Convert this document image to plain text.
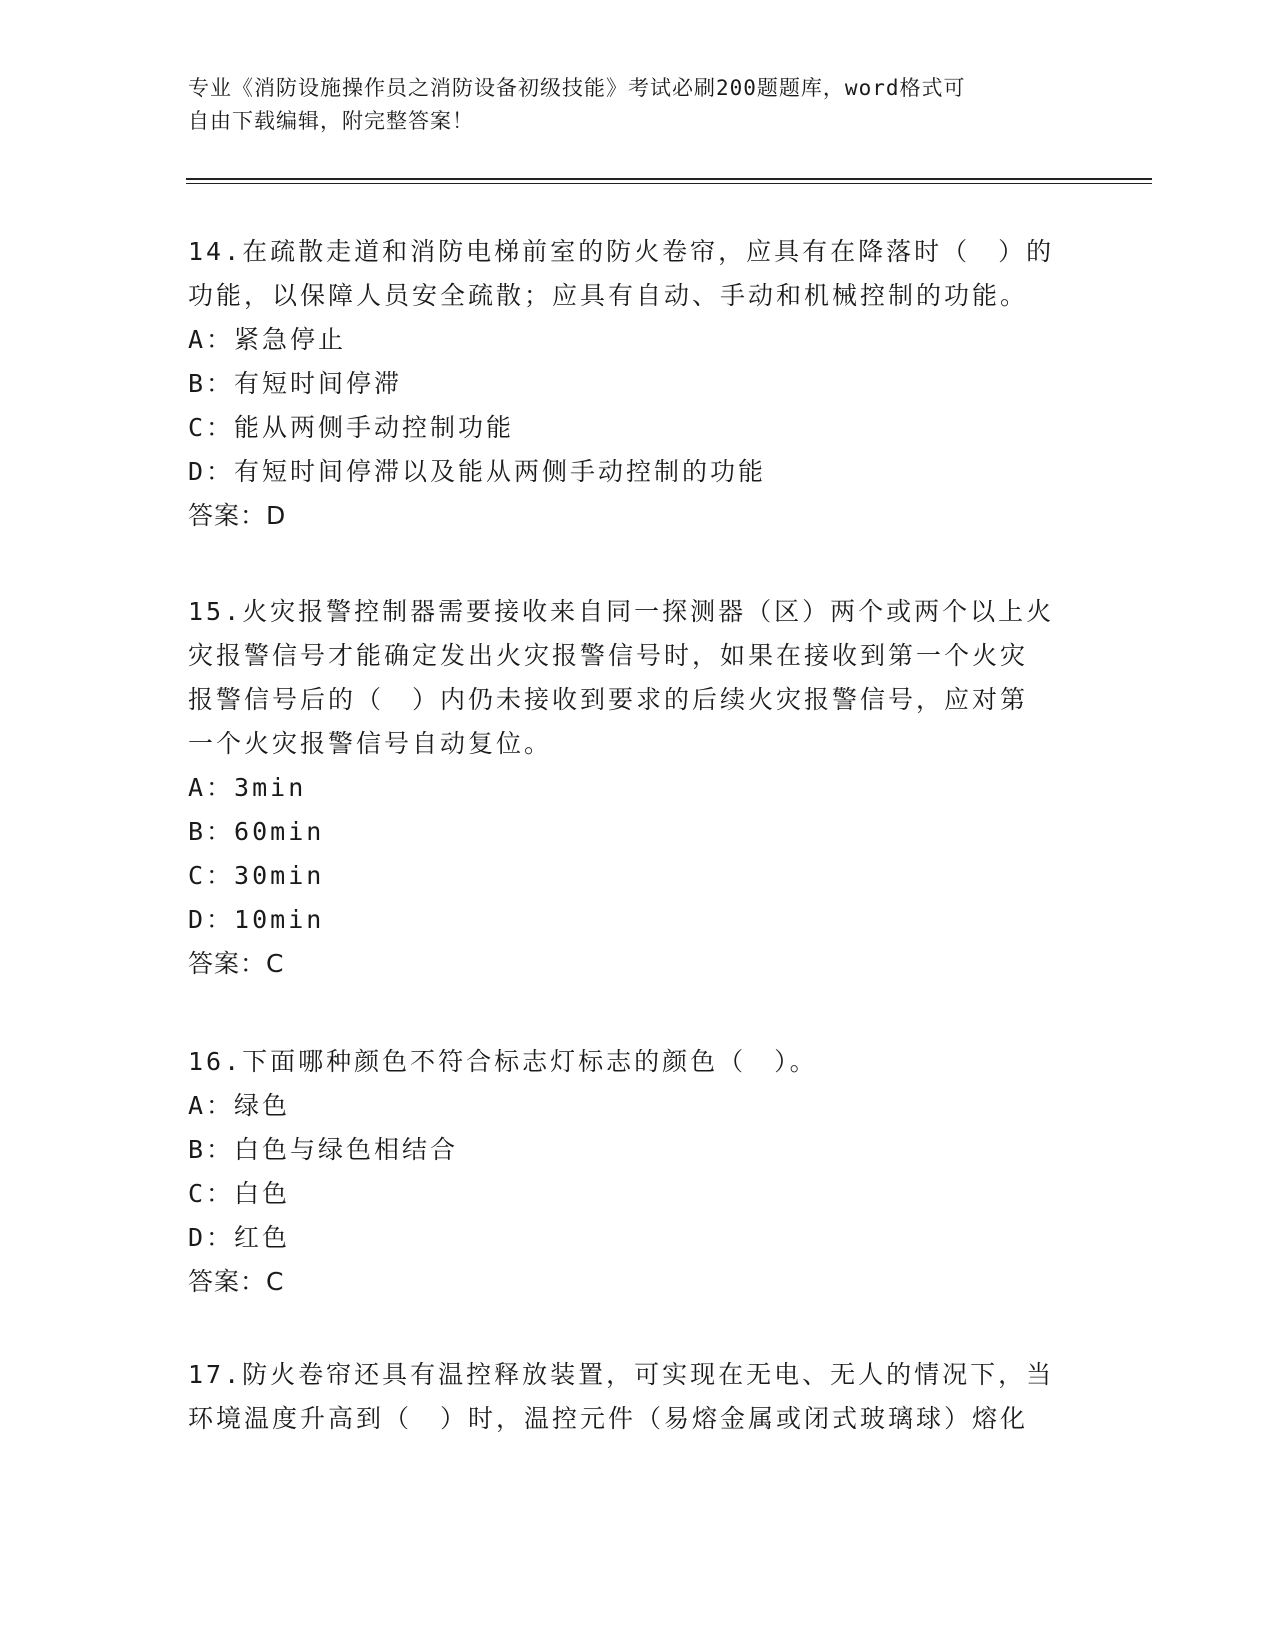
专业《消防设施操作员之消防设备初级技能》考试必刷200题题库，word格式可
自由下载编辑，附完整答案！
14.在疏散走道和消防电梯前室的防火卷帘，应具有在降落时（　）的
功能，以保障人员安全疏散；应具有自动、手动和机械控制的功能。
A：紧急停止
B：有短时间停滞
C：能从两侧手动控制功能
D：有短时间停滞以及能从两侧手动控制的功能
答案：D
15.火灾报警控制器需要接收来自同一探测器（区）两个或两个以上火
灾报警信号才能确定发出火灾报警信号时，如果在接收到第一个火灾
报警信号后的（　）内仍未接收到要求的后续火灾报警信号，应对第
一个火灾报警信号自动复位。
A：3min
B：60min
C：30min
D：10min
答案：C
16.下面哪种颜色不符合标志灯标志的颜色（　）。
A：绿色
B：白色与绿色相结合
C：白色
D：红色
答案：C
17.防火卷帘还具有温控释放装置，可实现在无电、无人的情况下，当
环境温度升高到（　）时，温控元件（易熔金属或闭式玻璃球）熔化
